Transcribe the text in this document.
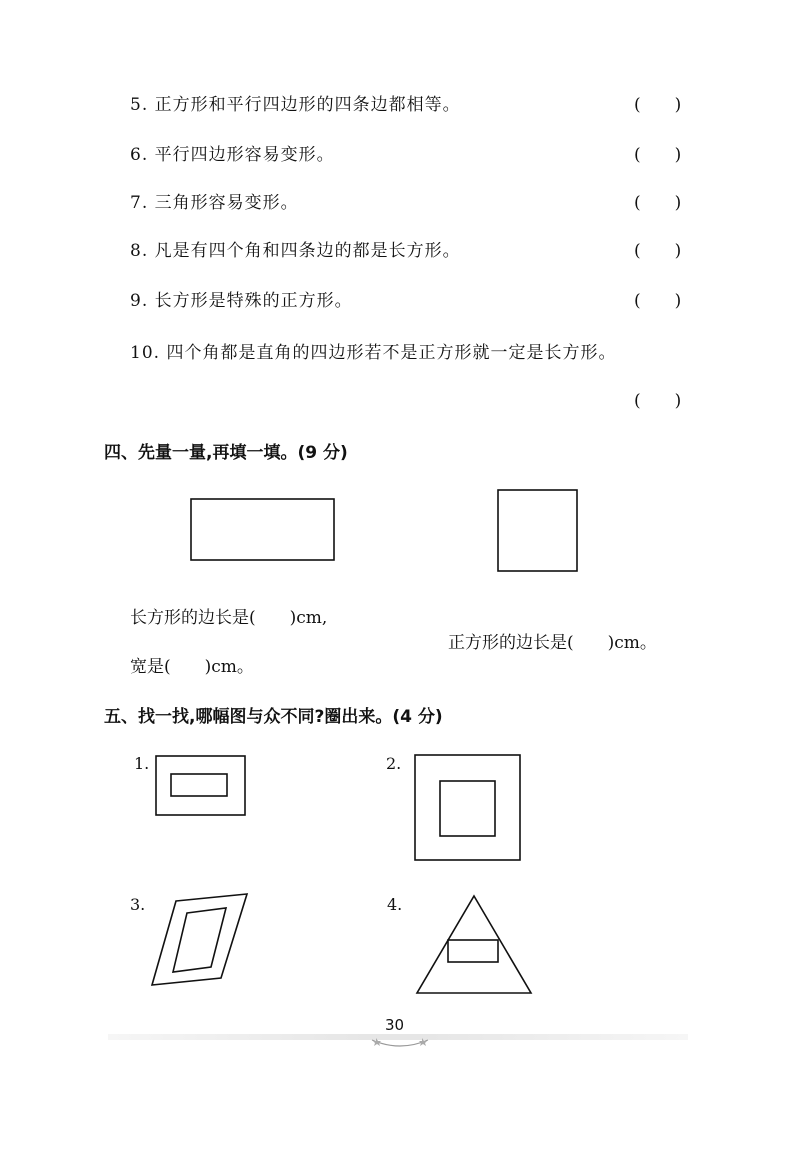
5. 正方形和平行四边形的四条边都相等。	(　　)
6. 平行四边形容易变形。	(　　)
7. 三角形容易变形。	(　　)
8. 凡是有四个角和四条边的都是长方形。	(　　)
9. 长方形是特殊的正方形。	(　　)
10. 四个角都是直角的四边形若不是正方形就一定是长方形。
(　　)
四、先量一量,再填一填。(9 分)
长方形的边长是(　　)cm,
正方形的边长是(　　)cm。
宽是(　　)cm。
五、找一找,哪幅图与众不同?圈出来。(4 分)
1.	2.
3.	4.
30
